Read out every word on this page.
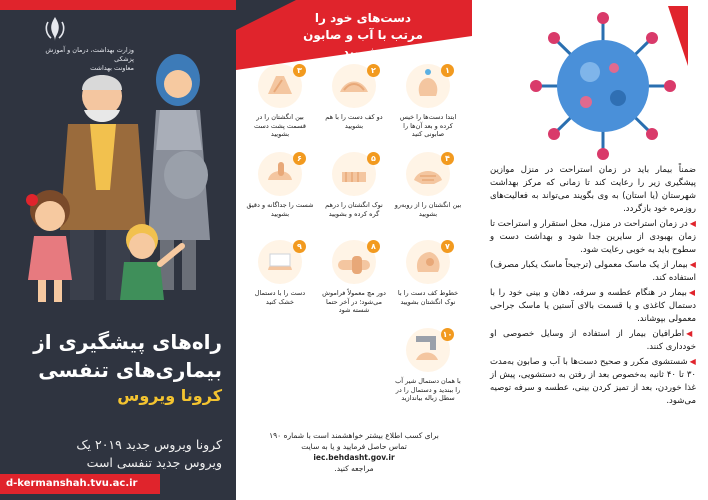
وزارت بهداشت، درمان و آموزش پزشکی
معاونت بهداشت
راه‌های پیشگیری از
بیماری‌های تنفسی
کرونا ویروس
کرونا ویروس جدید ۲۰۱۹ یک
ویروس جدید تنفسی است
d-kermanshah.tvu.ac.ir
دست‌های خود را
مرتب با آب و صابون بشویید
۱
ابتدا دست‌ها را خیس کرده و بعد آن‌ها را صابونی کنید
۲
دو کف دست را با هم بشویید
۳
بین انگشتان را در قسمت پشت دست بشویید
۴
بین انگشتان را از روبه‌رو بشویید
۵
نوک انگشتان را درهم گره کرده و بشویید
۶
شست را جداگانه و دقیق بشویید
۷
خطوط کف دست را با نوک انگشتان بشویید
۸
دور مچ معمولاً فراموش می‌شود؛ در آخر حتما شسته شود
۹
دست را با دستمال خشک کنید
۱۰
با همان دستمال شیر آب را ببندید و دستمال را در سطل زباله بیاندازید
برای کسب اطلاع بیشتر خواهشمند است با شماره ۱۹۰
تماس حاصل فرمایید و یا به سایت
iec.behdasht.gov.ir
مراجعه کنید.

ضمناً بیمار باید در زمان استراحت در منزل موازین پیشگیری زیر را رعایت کند تا زمانی که مرکز بهداشت شهرستان (یا استان) به وی بگویند می‌تواند به فعالیت‌های روزمره خود بازگردد.

◀در زمان استراحت در منزل، محل استقرار و استراحت تا زمان بهبودی از سایرین جدا شود و بهداشت دست و سطوح باید به خوبی رعایت شود.

◀بیمار از یک ماسک معمولی (ترجیحاً ماسک یکبار مصرف) استفاده کند.

◀بیمار در هنگام عطسه و سرفه، دهان و بینی خود را با دستمال کاغذی و یا قسمت بالای آستین یا ماسک جراحی معمولی بپوشاند.

◀اطرافیان بیمار از استفاده از وسایل خصوصی او خودداری کنند.

◀شستشوی مکرر و صحیح دست‌ها با آب و صابون به‌مدت ۳۰ تا ۴۰ ثانیه به‌خصوص بعد از رفتن به دستشویی، پیش از غذا خوردن، بعد از تمیز کردن بینی، عطسه و سرفه توصیه می‌شود.
